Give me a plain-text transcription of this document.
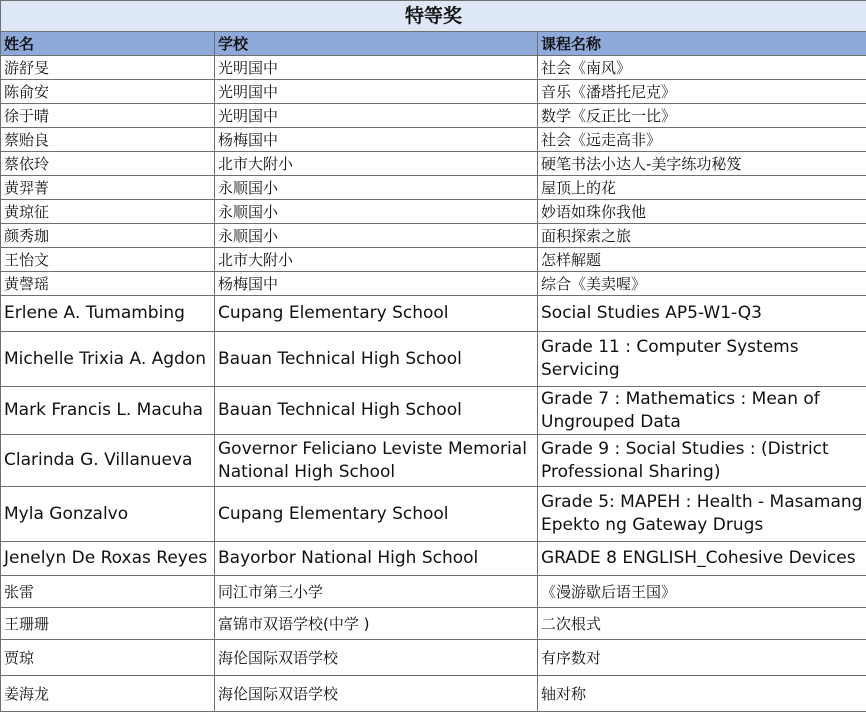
特等奖		
姓名	学校	课程名称
游舒旻	光明国中	社会《南风》
陈俞安	光明国中	音乐《潘塔托尼克》
徐于晴	光明国中	数学《反正比一比》
蔡贻良	杨梅国中	社会《远走高非》
蔡依玲	北市大附小	硬笔书法小达人-美字练功秘笈
黄羿菁	永顺国小	屋顶上的花
黄琼征	永顺国小	妙语如珠你我他
颜秀珈	永顺国小	面积探索之旅
王怡文	北市大附小	怎样解题
黄謦瑶	杨梅国中	综合《美卖喔》
Erlene A. Tumambing	Cupang Elementary School	Social Studies AP5-W1-Q3
Michelle Trixia A. Agdon	Bauan Technical High School	Grade 11 : Computer Systems Servicing
Mark Francis L. Macuha	Bauan Technical High School	Grade 7 : Mathematics : Mean of Ungrouped Data
Clarinda G. Villanueva	Governor Feliciano Leviste Memorial National High School	Grade 9 : Social Studies : (District Professional Sharing)
Myla Gonzalvo	Cupang Elementary School	Grade 5: MAPEH : Health - Masamang Epekto ng Gateway Drugs
Jenelyn De Roxas Reyes	Bayorbor National High School	GRADE 8 ENGLISH_Cohesive Devices
张雷	同江市第三小学	《漫游歇后语王国》
王珊珊	富锦市双语学校(中学 )	二次根式
贾琼	海伦国际双语学校	有序数对
姜海龙	海伦国际双语学校	轴对称
